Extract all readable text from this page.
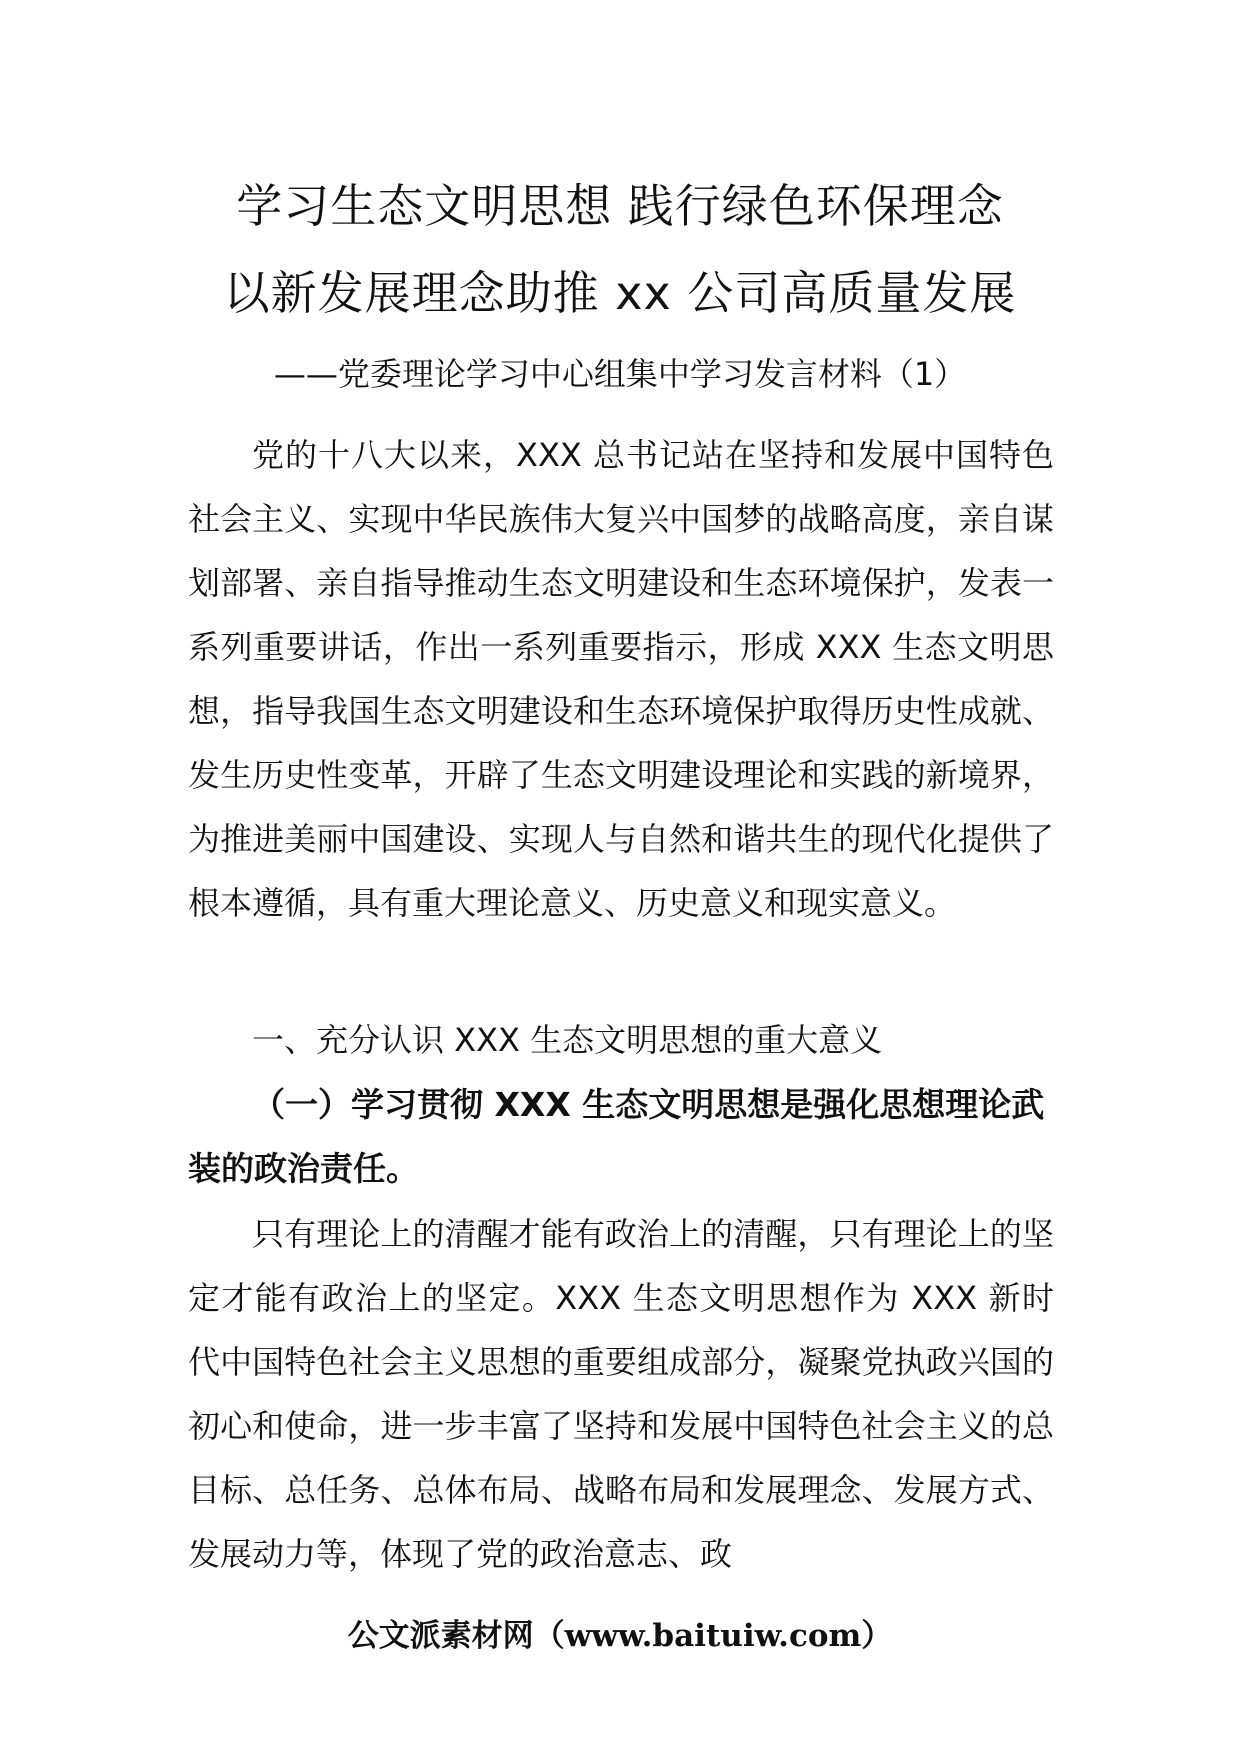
学习生态文明思想 践行绿色环保理念
以新发展理念助推 xx 公司高质量发展
——党委理论学习中心组集中学习发言材料（1）

党的十八大以来，XXX 总书记站在坚持和发展中国特色社会主义、实现中华民族伟大复兴中国梦的战略高度，亲自谋划部署、亲自指导推动生态文明建设和生态环境保护，发表一系列重要讲话，作出一系列重要指示，形成 XXX 生态文明思想，指导我国生态文明建设和生态环境保护取得历史性成就、发生历史性变革，开辟了生态文明建设理论和实践的新境界，为推进美丽中国建设、实现人与自然和谐共生的现代化提供了根本遵循，具有重大理论意义、历史意义和现实意义。

一、充分认识 XXX 生态文明思想的重大意义
（一）学习贯彻 XXX 生态文明思想是强化思想理论武装的政治责任。

只有理论上的清醒才能有政治上的清醒，只有理论上的坚定才能有政治上的坚定。XXX 生态文明思想作为 XXX 新时代中国特色社会主义思想的重要组成部分，凝聚党执政兴国的初心和使命，进一步丰富了坚持和发展中国特色社会主义的总目标、总任务、总体布局、战略布局和发展理念、发展方式、发展动力等，体现了党的政治意志、政

公文派素材网（www.baituiw.com）
